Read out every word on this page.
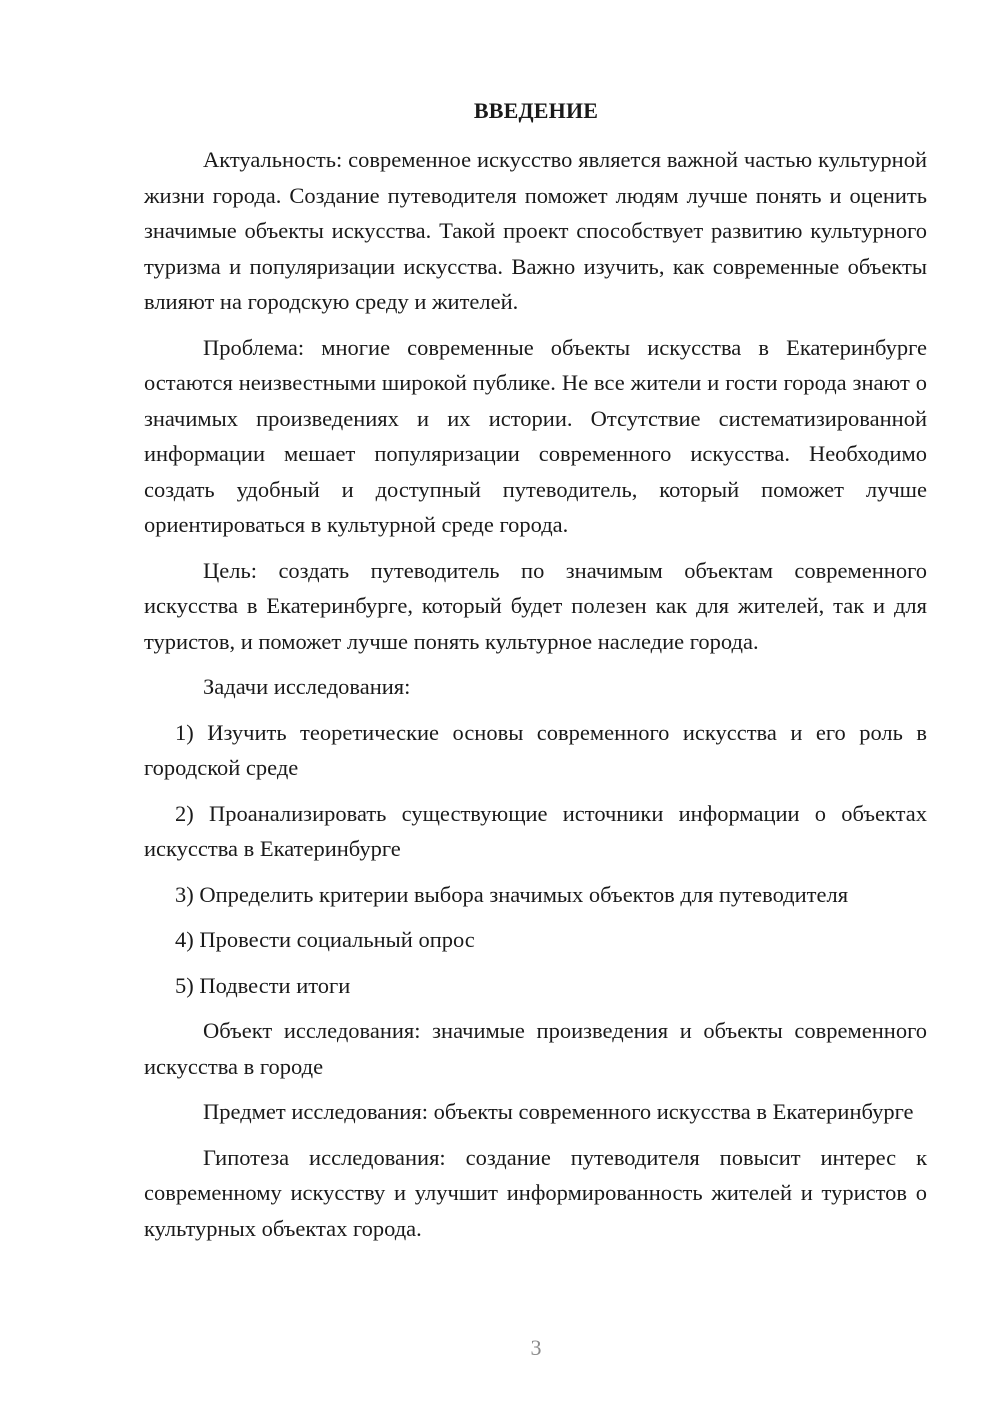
ВВЕДЕНИЕ

Актуальность: современное искусство является важной частью культурной жизни города. Создание путеводителя поможет людям лучше понять и оценить значимые объекты искусства. Такой проект способствует развитию культурного туризма и популяризации искусства. Важно изучить, как современные объекты влияют на городскую среду и жителей.

Проблема: многие современные объекты искусства в Екатеринбурге остаются неизвестными широкой публике. Не все жители и гости города знают о значимых произведениях и их истории. Отсутствие систематизированной информации мешает популяризации современного искусства. Необходимо создать удобный и доступный путеводитель, который поможет лучше ориентироваться в культурной среде города.

Цель: создать путеводитель по значимым объектам современного искусства в Екатеринбурге, который будет полезен как для жителей, так и для туристов, и поможет лучше понять культурное наследие города.

Задачи исследования:

1) Изучить теоретические основы современного искусства и его роль в городской среде

2) Проанализировать существующие источники информации о объектах искусства в Екатеринбурге

3) Определить критерии выбора значимых объектов для путеводителя

4) Провести социальный опрос

5) Подвести итоги

Объект исследования: значимые произведения и объекты современного искусства в городе

Предмет исследования: объекты современного искусства в Екатеринбурге

Гипотеза исследования: создание путеводителя повысит интерес к современному искусству и улучшит информированность жителей и туристов о культурных объектах города.

3
